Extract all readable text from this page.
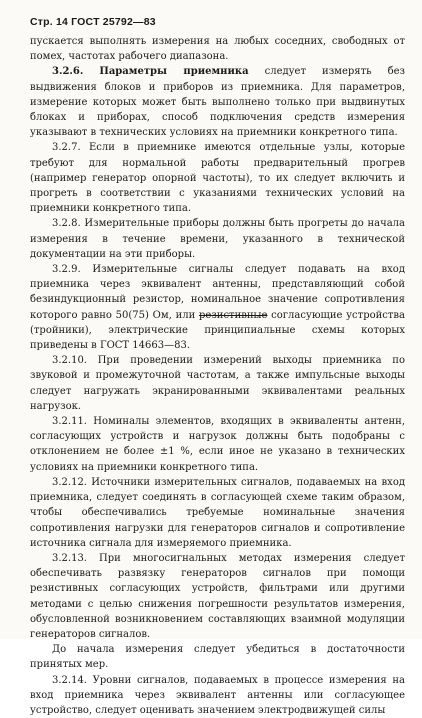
Стр. 14 ГОСТ 25792—83

пускается выполнять измерения на любых соседних, свободных от помех, частотах рабочего диапазона.

3.2.6. Параметры приемника следует измерять без выдвижения блоков и приборов из приемника. Для параметров, измерение которых может быть выполнено только при выдвинутых блоках и приборах, способ подключения средств измерения указывают в технических условиях на приемники конкретного типа.

3.2.7. Если в приемнике имеются отдельные узлы, которые требуют для нормальной работы предварительный прогрев (например генератор опорной частоты), то их следует включить и прогреть в соответствии с указаниями технических условий на приемники конкретного типа.

3.2.8. Измерительные приборы должны быть прогреты до начала измерения в течение времени, указанного в технической документации на эти приборы.

3.2.9. Измерительные сигналы следует подавать на вход приемника через эквивалент антенны, представляющий собой безиндукционный резистор, номинальное значение сопротивления которого равно 50(75) Ом, или резистивные согласующие устройства (тройники), электрические принципиальные схемы которых приведены в ГОСТ 14663—83.

3.2.10. При проведении измерений выходы приемника по звуковой и промежуточной частотам, а также импульсные выходы следует нагружать экранированными эквивалентами реальных нагрузок.

3.2.11. Номиналы элементов, входящих в эквиваленты антенн, согласующих устройств и нагрузок должны быть подобраны с отклонением не более ±1 %, если иное не указано в технических условиях на приемники конкретного типа.

3.2.12. Источники измерительных сигналов, подаваемых на вход приемника, следует соединять в согласующей схеме таким образом, чтобы обеспечивались требуемые номинальные значения сопротивления нагрузки для генераторов сигналов и сопротивление источника сигнала для измеряемого приемника.

3.2.13. При многосигнальных методах измерения следует обеспечивать развязку генераторов сигналов при помощи резистивных согласующих устройств, фильтрами или другими методами с целью снижения погрешности результатов измерения, обусловленной возникновением составляющих взаимной модуляции генераторов сигналов.

До начала измерения следует убедиться в достаточности принятых мер.

3.2.14. Уровни сигналов, подаваемых в процессе измерения на вход приемника через эквивалент антенны или согласующее устройство, следует оценивать значением электродвижущей силы
